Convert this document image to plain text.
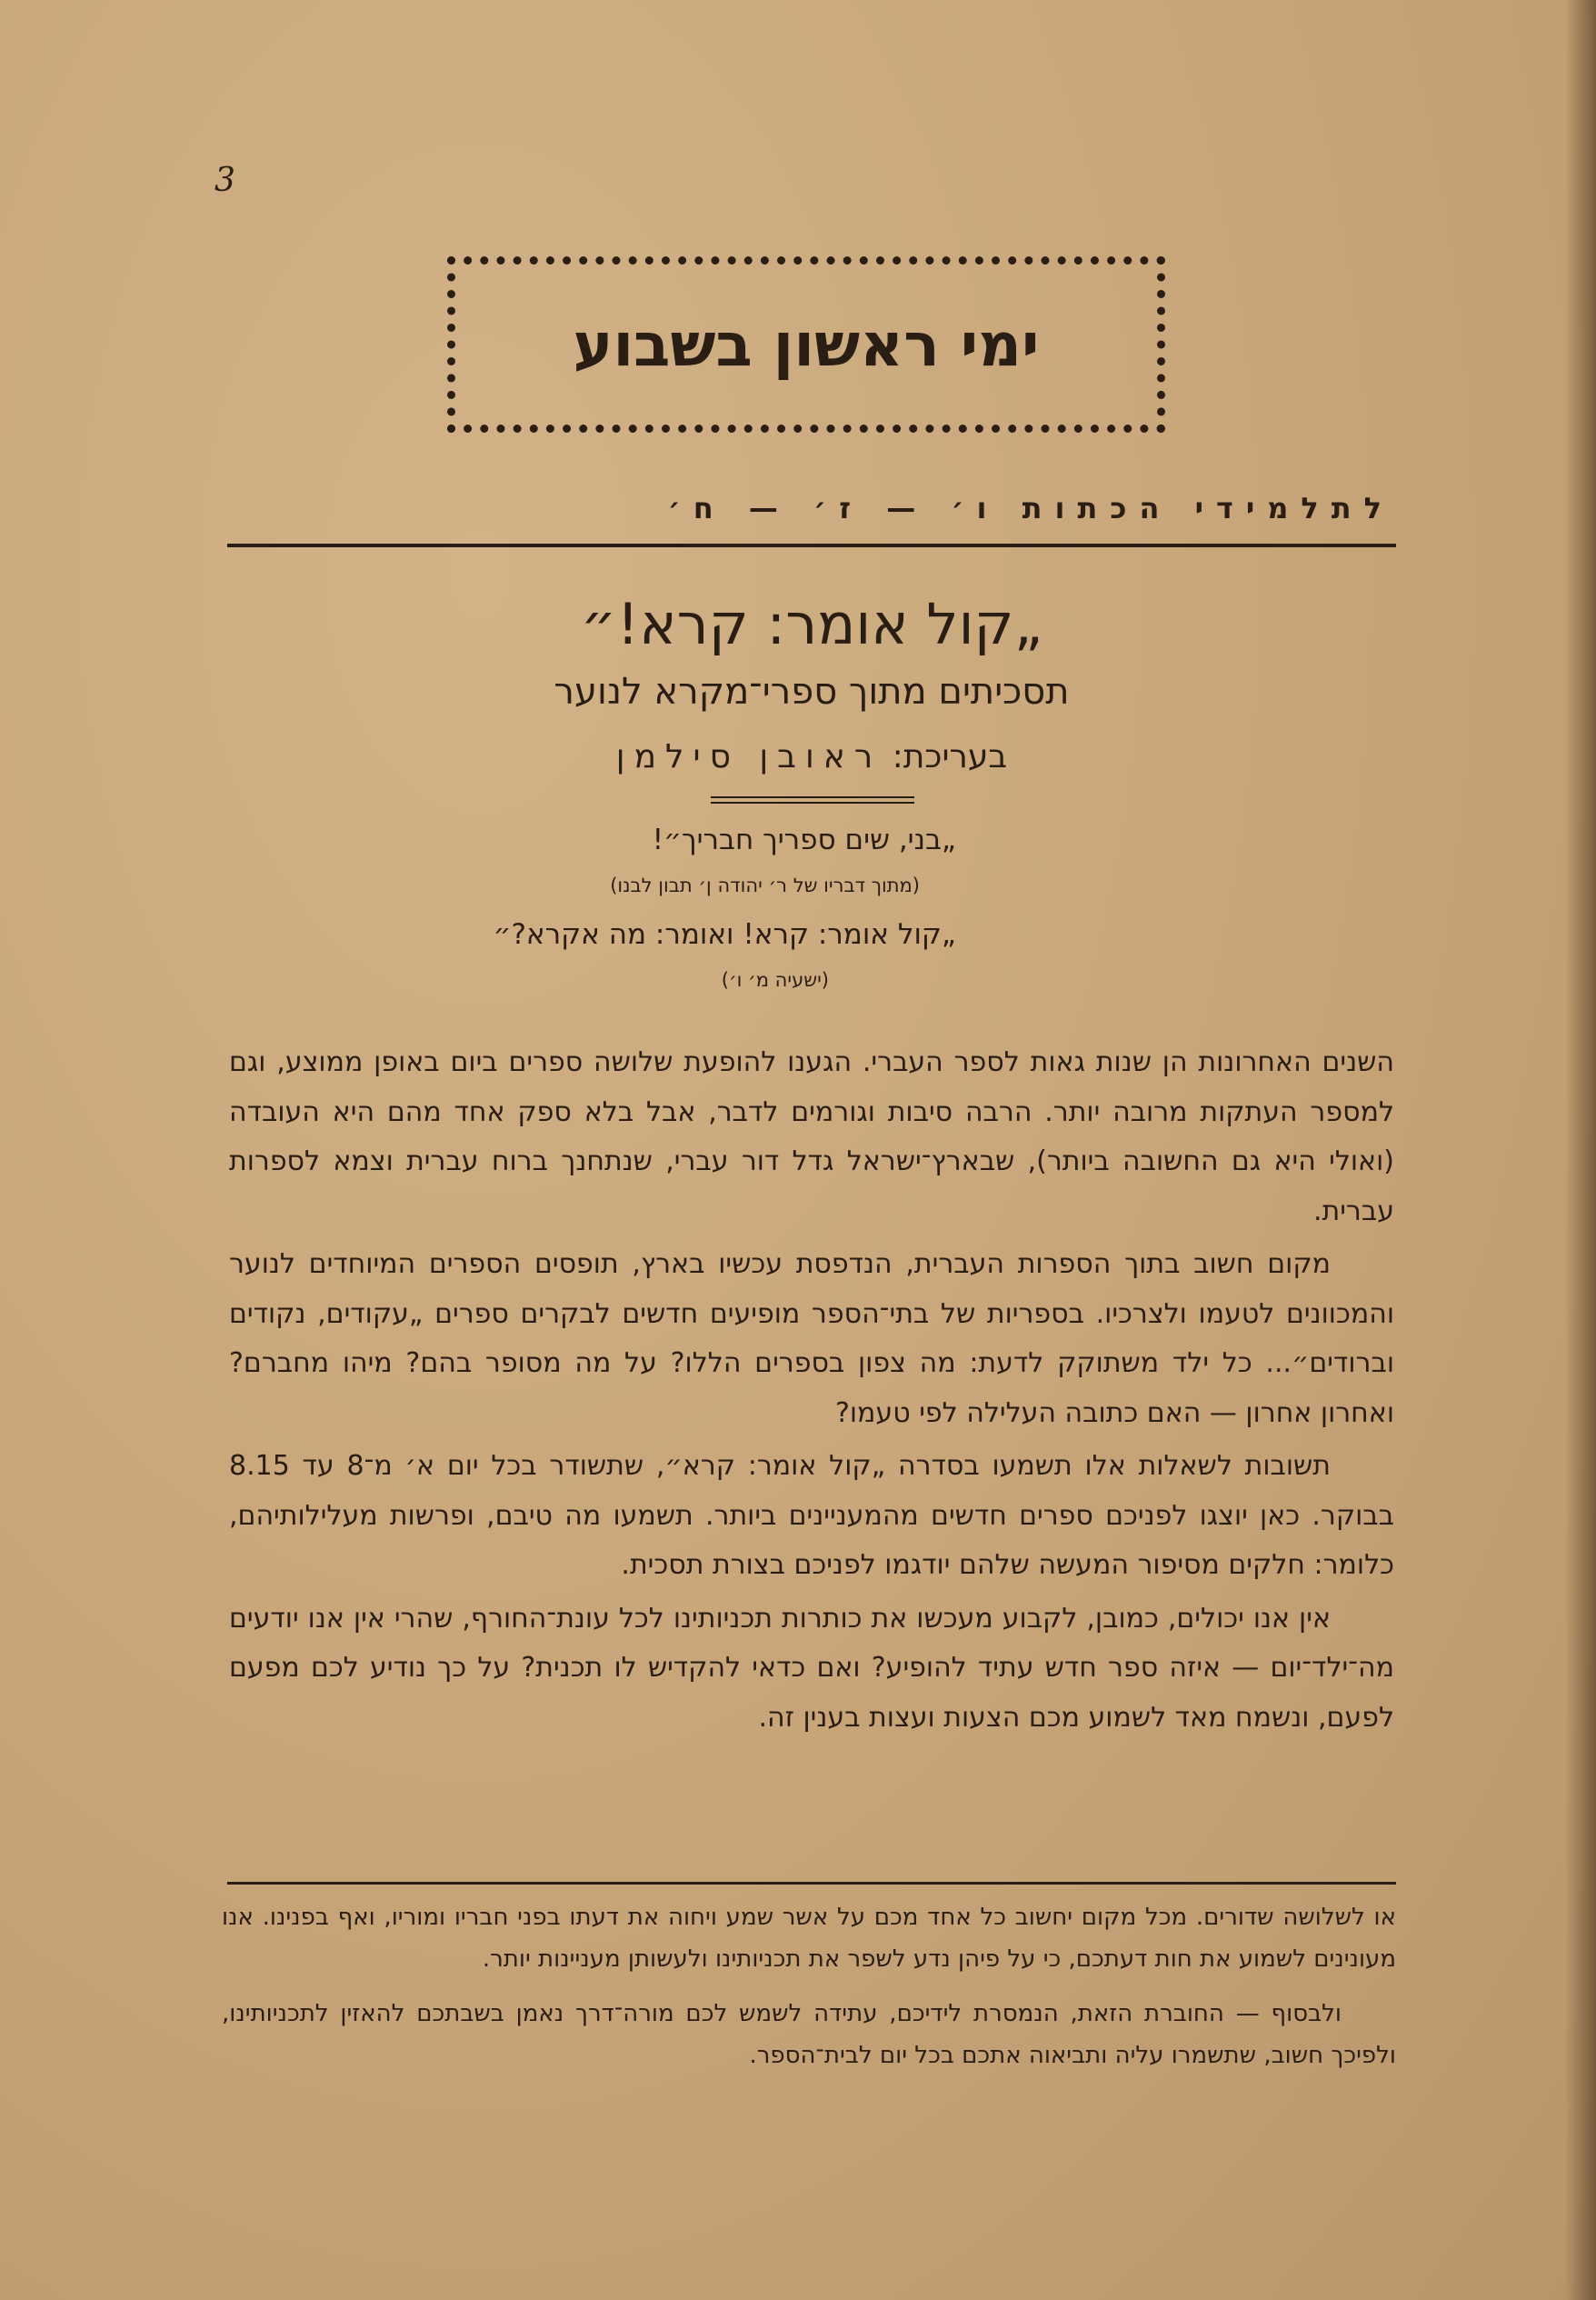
3
ימי ראשון בשבוע
לתלמידי הכתות ו׳ — ז׳ — ח׳
„קול אומר: קרא!״
תסכיתים מתוך ספרי־מקרא לנוער
בעריכת: ראובן סילמן
„בני, שים ספריך חבריך״!
(מתוך דבריו של ר׳ יהודה ן׳ תבון לבנו)
„קול אומר: קרא! ואומר: מה אקרא?״
(ישעיה מ׳ ו׳)

השנים האחרונות הן שנות גאות לספר העברי. הגענו להופעת שלושה ספרים ביום באופן ממוצע, וגם למספר העתקות מרובה יותר. הרבה סיבות וגורמים לדבר, אבל בלא ספק אחד מהם היא העובדה (ואולי היא גם החשובה ביותר), שבארץ־ישראל גדל דור עברי, שנתחנך ברוח עברית וצמא לספרות עברית.

מקום חשוב בתוך הספרות העברית, הנדפסת עכשיו בארץ, תופסים הספרים המיוחדים לנוער והמכוונים לטעמו ולצרכיו. בספריות של בתי־הספר מופיעים חדשים לבקרים ספרים „עקודים, נקודים וברודים״... כל ילד משתוקק לדעת: מה צפון בספרים הללו? על מה מסופר בהם? מיהו מחברם? ואחרון אחרון — האם כתובה העלילה לפי טעמו?

תשובות לשאלות אלו תשמעו בסדרה „קול אומר: קרא״, שתשודר בכל יום א׳ מ־8 עד 8.15 בבוקר. כאן יוצגו לפניכם ספרים חדשים מהמעניינים ביותר. תשמעו מה טיבם, ופרשות מעלילותיהם, כלומר: חלקים מסיפור המעשה שלהם יודגמו לפניכם בצורת תסכית.

אין אנו יכולים, כמובן, לקבוע מעכשו את כותרות תכניותינו לכל עונת־החורף, שהרי אין אנו יודעים מה־ילד־יום — איזה ספר חדש עתיד להופיע? ואם כדאי להקדיש לו תכנית? על כך נודיע לכם מפעם לפעם, ונשמח מאד לשמוע מכם הצעות ועצות בענין זה.

או לשלושה שדורים. מכל מקום יחשוב כל אחד מכם על אשר שמע ויחוה את דעתו בפני חבריו ומוריו, ואף בפנינו. אנו מעונינים לשמוע את חות דעתכם, כי על פיהן נדע לשפר את תכניותינו ולעשותן מעניינות יותר.

ולבסוף — החוברת הזאת, הנמסרת לידיכם, עתידה לשמש לכם מורה־דרך נאמן בשבתכם להאזין לתכניותינו, ולפיכך חשוב, שתשמרו עליה ותביאוה אתכם בכל יום לבית־הספר.
